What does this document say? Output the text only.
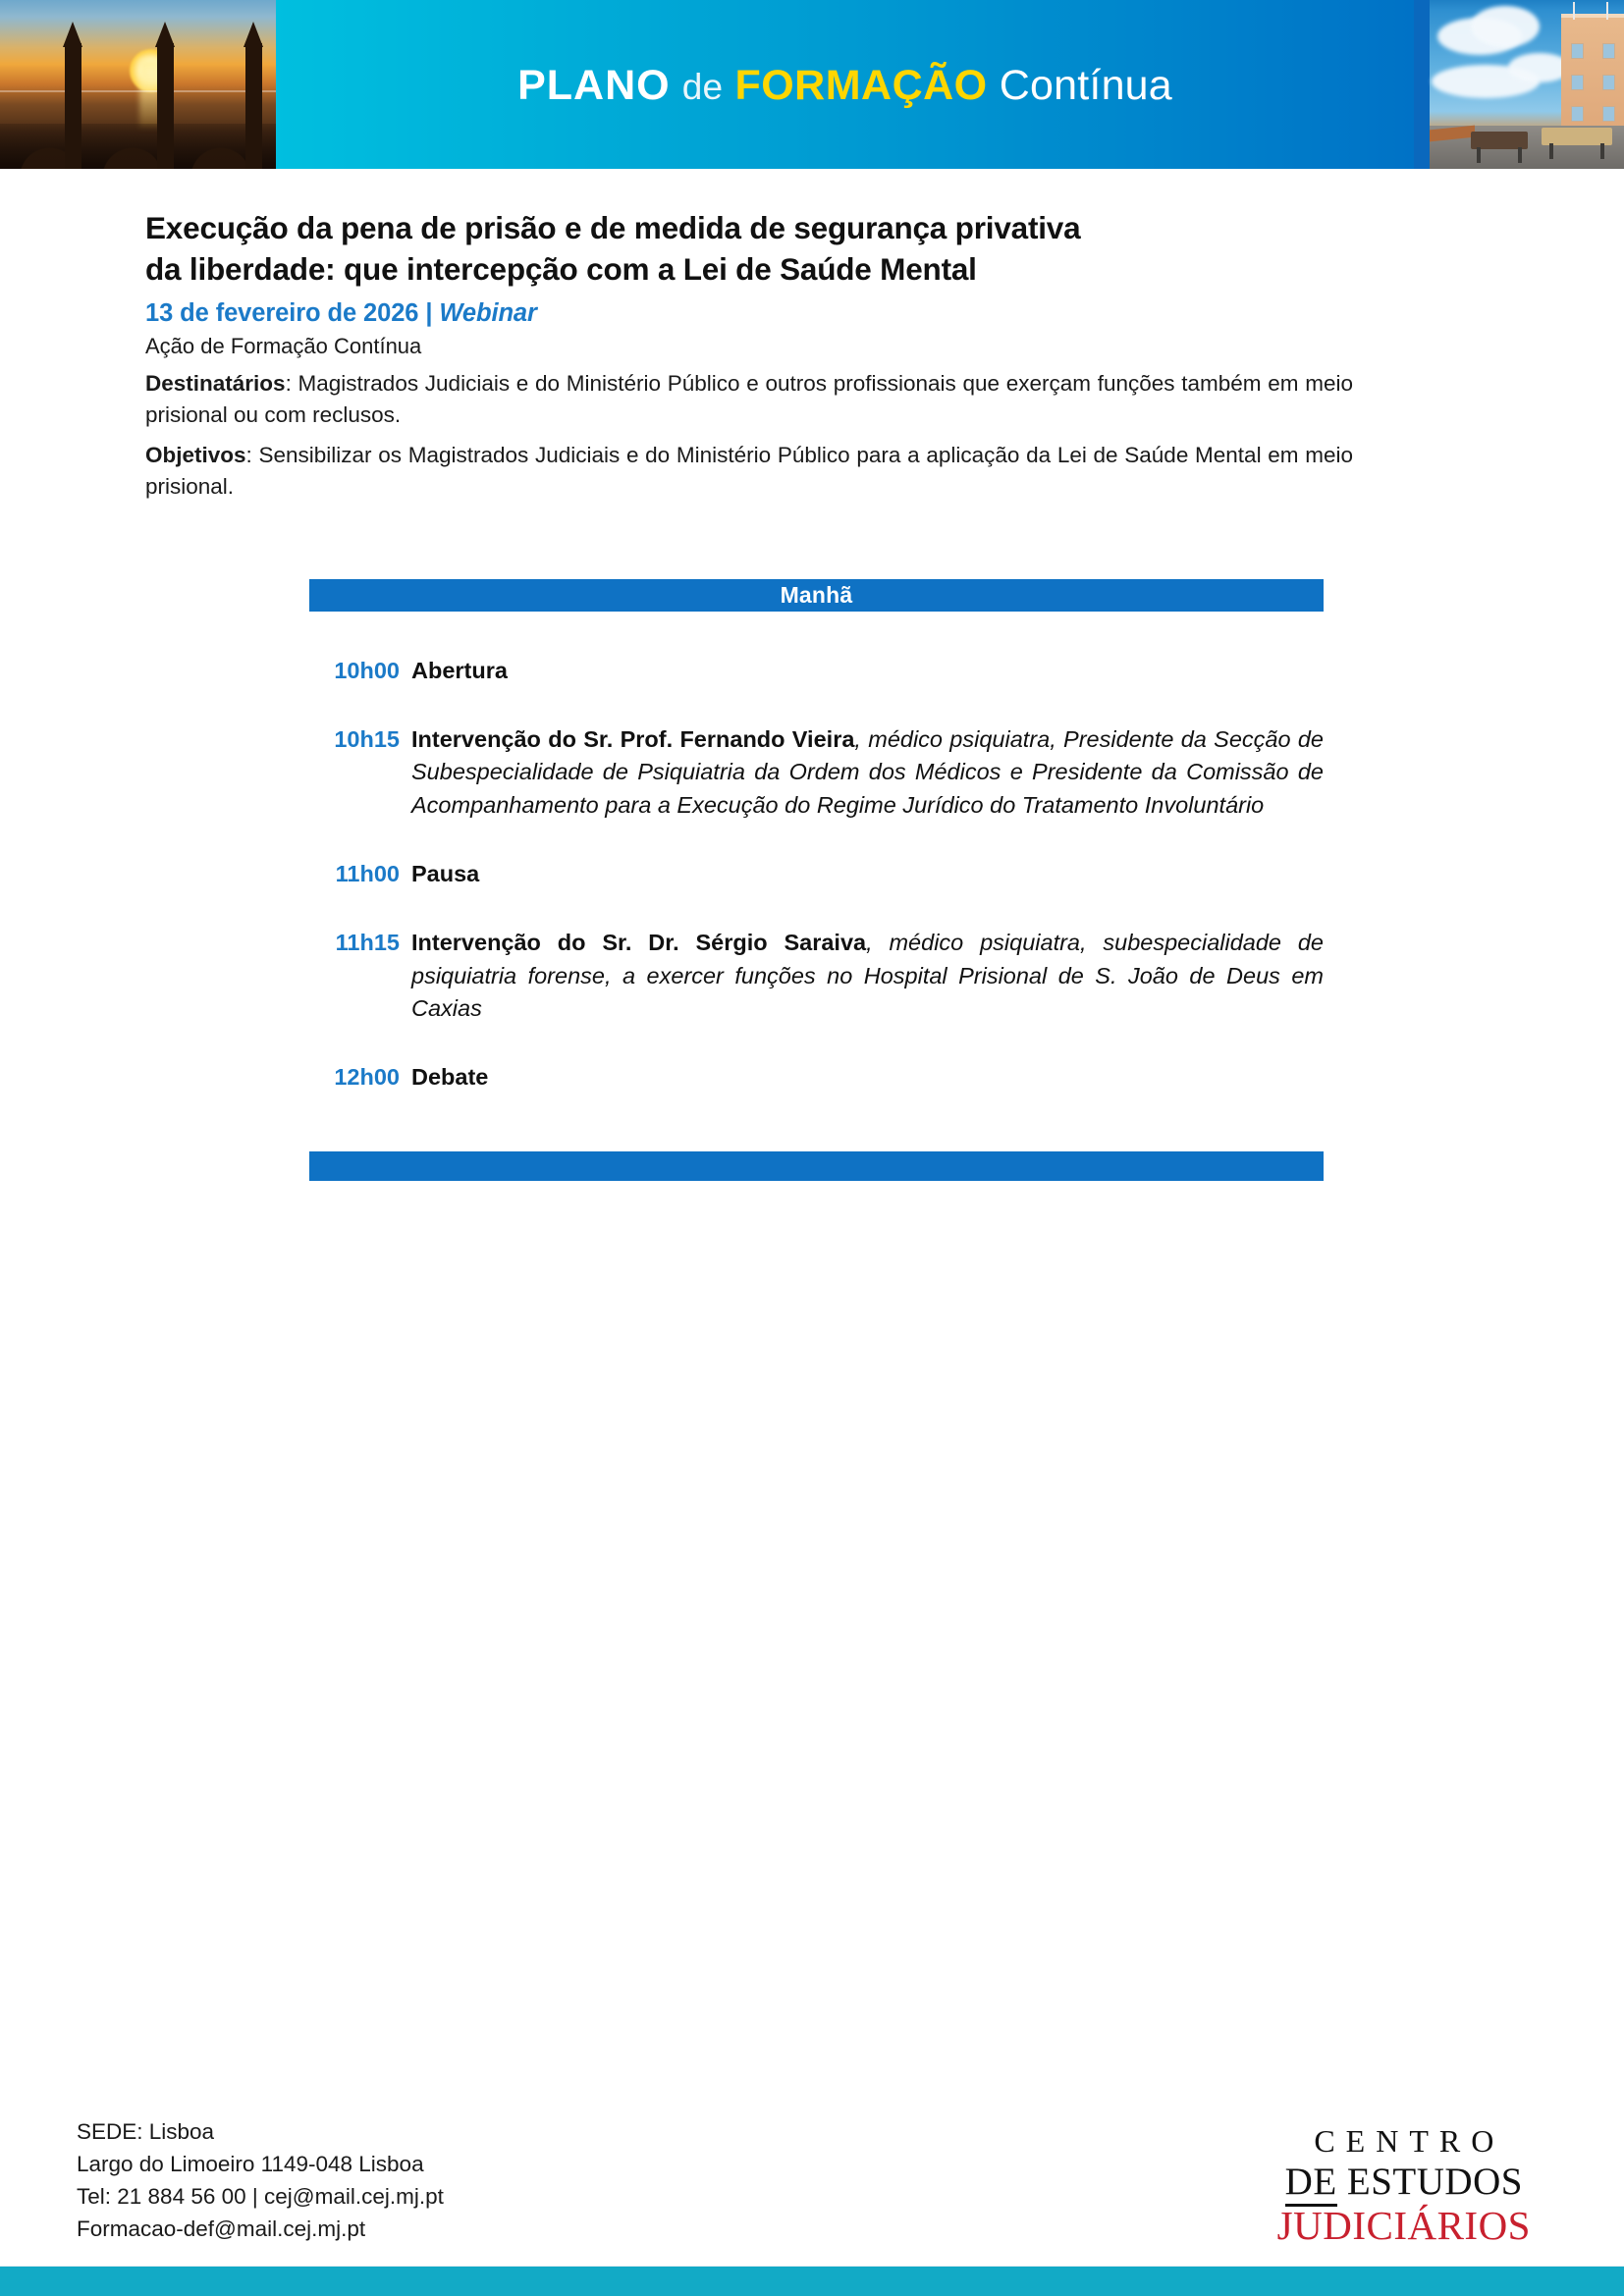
PLANO de FORMAÇÃO Contínua
Execução da pena de prisão e de medida de segurança privativa
da liberdade: que intercepção com a Lei de Saúde Mental
13 de fevereiro de 2026 | Webinar
Ação de Formação Contínua
Destinatários: Magistrados Judiciais e do Ministério Público e outros profissionais que exerçam funções também em meio prisional ou com reclusos.
Objetivos: Sensibilizar os Magistrados Judiciais e do Ministério Público para a aplicação da Lei de Saúde Mental em meio prisional.
Manhã
10h00 Abertura
10h15 Intervenção do Sr. Prof. Fernando Vieira, médico psiquiatra, Presidente da Secção de Subespecialidade de Psiquiatria da Ordem dos Médicos e Presidente da Comissão de Acompanhamento para a Execução do Regime Jurídico do Tratamento Involuntário
11h00 Pausa
11h15 Intervenção do Sr. Dr. Sérgio Saraiva, médico psiquiatra, subespecialidade de psiquiatria forense, a exercer funções no Hospital Prisional de S. João de Deus em Caxias
12h00 Debate
SEDE: Lisboa
Largo do Limoeiro 1149-048 Lisboa
Tel: 21 884 56 00 | cej@mail.cej.mj.pt
Formacao-def@mail.cej.mj.pt
CENTRO
DE ESTUDOS
JUDICIÁRIOS
